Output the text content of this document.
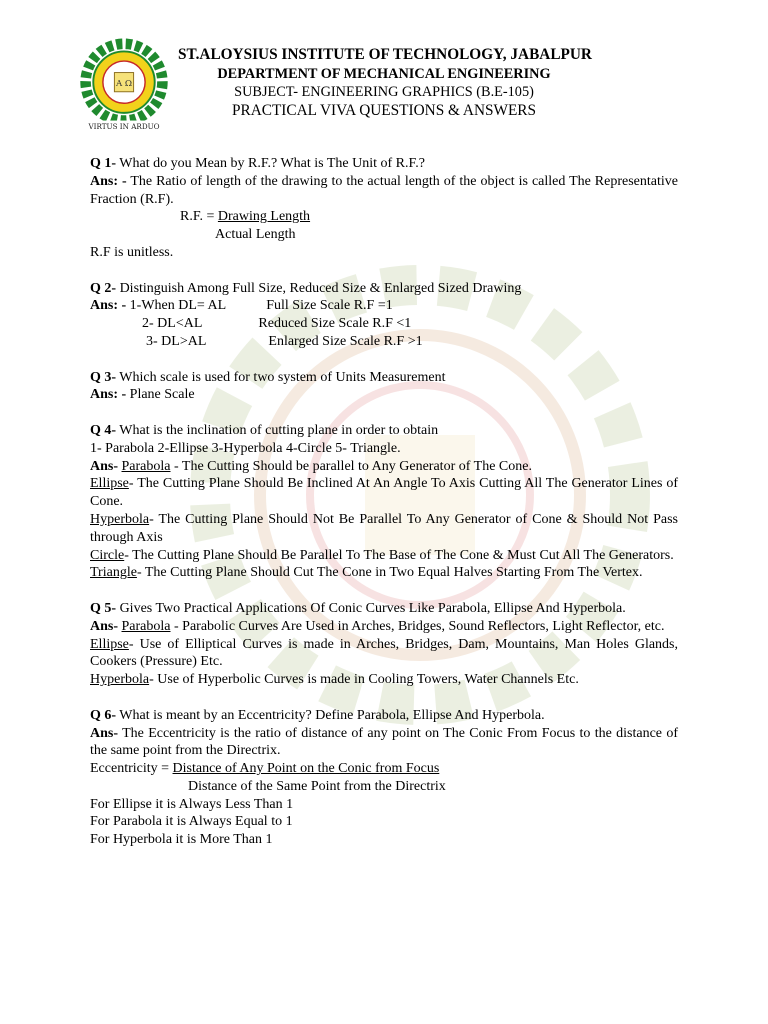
A Ω
VIRTUS IN ARDUO
ST.ALOYSIUS INSTITUTE OF TECHNOLOGY, JABALPUR
DEPARTMENT OF MECHANICAL ENGINEERING
SUBJECT- ENGINEERING GRAPHICS (B.E-105)
PRACTICAL VIVA QUESTIONS & ANSWERS

Q 1- What do you Mean by R.F.? What is The Unit of R.F.?

Ans: - The Ratio of length of the drawing to the actual length of the object is called The Representative Fraction (R.F).

R.F. = Drawing Length

Actual Length

R.F is unitless.

Q 2- Distinguish Among Full Size, Reduced Size & Enlarged Sized Drawing

Ans: - 1-When DL= AL	Full Size Scale R.F =1

2- DL<AL	Reduced Size Scale R.F <1

3- DL>AL	Enlarged Size Scale R.F >1

Q 3- Which scale is used for two system of Units Measurement

Ans: - Plane Scale

Q 4- What is the inclination of cutting plane in order to obtain

1- Parabola 2-Ellipse 3-Hyperbola 4-Circle 5- Triangle.

Ans- Parabola - The Cutting Should be parallel to Any Generator of The Cone.

Ellipse- The Cutting Plane Should Be Inclined At An Angle To Axis Cutting All The Generator Lines of Cone.

Hyperbola- The Cutting Plane Should Not Be Parallel To Any Generator of Cone & Should Not Pass through Axis

Circle- The Cutting Plane Should Be Parallel To The Base of The Cone & Must Cut All The Generators.

Triangle- The Cutting Plane Should Cut The Cone in Two Equal Halves Starting From The Vertex.

Q 5- Gives Two Practical Applications Of Conic Curves Like Parabola, Ellipse And Hyperbola.

Ans- Parabola - Parabolic Curves Are Used in Arches, Bridges, Sound Reflectors, Light Reflector, etc.

Ellipse- Use of Elliptical Curves is made in Arches, Bridges, Dam, Mountains, Man Holes Glands, Cookers (Pressure) Etc.

Hyperbola- Use of Hyperbolic Curves is made in Cooling Towers, Water Channels Etc.

Q 6- What is meant by an Eccentricity? Define Parabola, Ellipse And Hyperbola.

Ans- The Eccentricity is the ratio of distance of any point on The Conic From Focus to the distance of the same point from the Directrix.

Eccentricity = Distance of Any Point on the Conic from Focus

Distance of the Same Point from the Directrix

For Ellipse it is Always Less Than 1

For Parabola it is Always Equal to 1

For Hyperbola it is More Than 1
